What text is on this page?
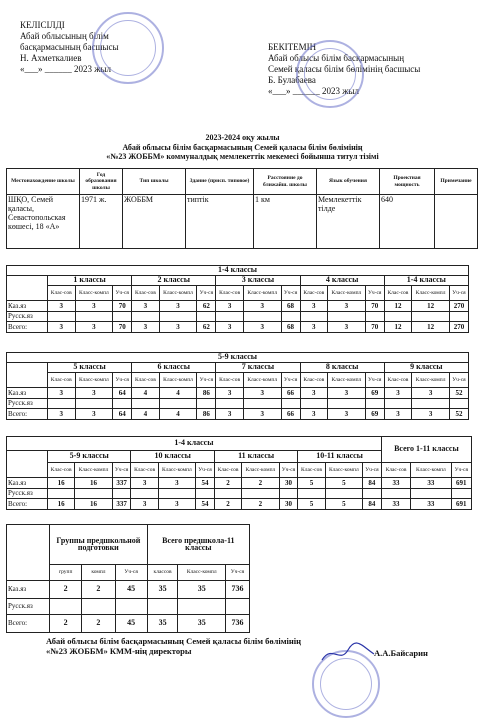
КЕЛІСІЛДІ
Абай облысының білім
басқармасының басшысы
Н. Ахметкалиев
«___» ______ 2023 жыл
БЕКІТЕМІН
Абай облысы білім басқармасының
Семей қаласы білім бөлімінің басшысы
Б. Булабаева
«___» ______ 2023 жыл
2023-2024 оқу жылы
Абай облысы білім басқармасының Семей қаласы білім бөлімінің
«№23 ЖОББМ» коммуналдық мемлекеттік мекемесі бойынша титул тізімі
Местонахождение школы	Год образования школы	Тип школы	Здание (присп. типовое)	Расстояние до ближайш. школы	Язык обучения	Проектная мощность	Примечание
ШҚО, Семей қаласы, Севастопольская көшесі, 18 «А»	1971 ж.	ЖОББМ	типтік	1 км	Мемлекеттік тілде	640	
1-4 классы															
	1 классы			2 классы			3 классы			4 классы			1-4 классы		
	Клас-сов	Класс-компл	Уч-ся	Клас-сов	Класс-компл	Уч-ся	Клас-сов	Класс-компл	Уч-ся	Клас-сов	Класс-компл	Уч-ся	Клас-сов	Класс-компл	Уч-ся
Каз.яз	3	3	70	3	3	62	3	3	68	3	3	70	12	12	270
Русск.яз															
Всего:	3	3	70	3	3	62	3	3	68	3	3	70	12	12	270
5-9 классы															
	5 классы			6 классы			7 классы			8 классы			9 классы		
	Клас-сов	Класс-компл	Уч-ся	Клас-сов	Класс-компл	Уч-ся	Клас-сов	Класс-компл	Уч-ся	Клас-сов	Класс-компл	Уч-ся	Клас-сов	Класс-компл	Уч-ся
Каз.яз	3	3	64	4	4	86	3	3	66	3	3	69	3	3	52
Русск.яз															
Всего:	3	3	64	4	4	86	3	3	66	3	3	69	3	3	52
1-4 классы													Всего 1-11 классы		
	5-9 классы			10 классы			11 классы			10-11 классы					
	Клас-сов	Класс-компл	Уч-ся	Клас-сов	Класс-компл	Уч-ся	Клас-сов	Класс-компл	Уч-ся	Клас-сов	Класс-компл	Уч-ся	Клас-сов	Класс-компл	Уч-ся
Каз.яз	16	16	337	3	3	54	2	2	30	5	5	84	33	33	691
Русск.яз															
Всего:	16	16	337	3	3	54	2	2	30	5	5	84	33	33	691
	Группы предшкольной подготовки			Всего предшкола-11 классы		
	групп	компл	Уч-ся	классов	Класс-компл	Уч-ся
Каз.яз	2	2	45	35	35	736
Русск.яз						
Всего:	2	2	45	35	35	736
Абай облысы білім басқармасының Семей қаласы білім бөлімінің
«№23 ЖОББМ» КММ-нің директоры	А.А.Байсарин
